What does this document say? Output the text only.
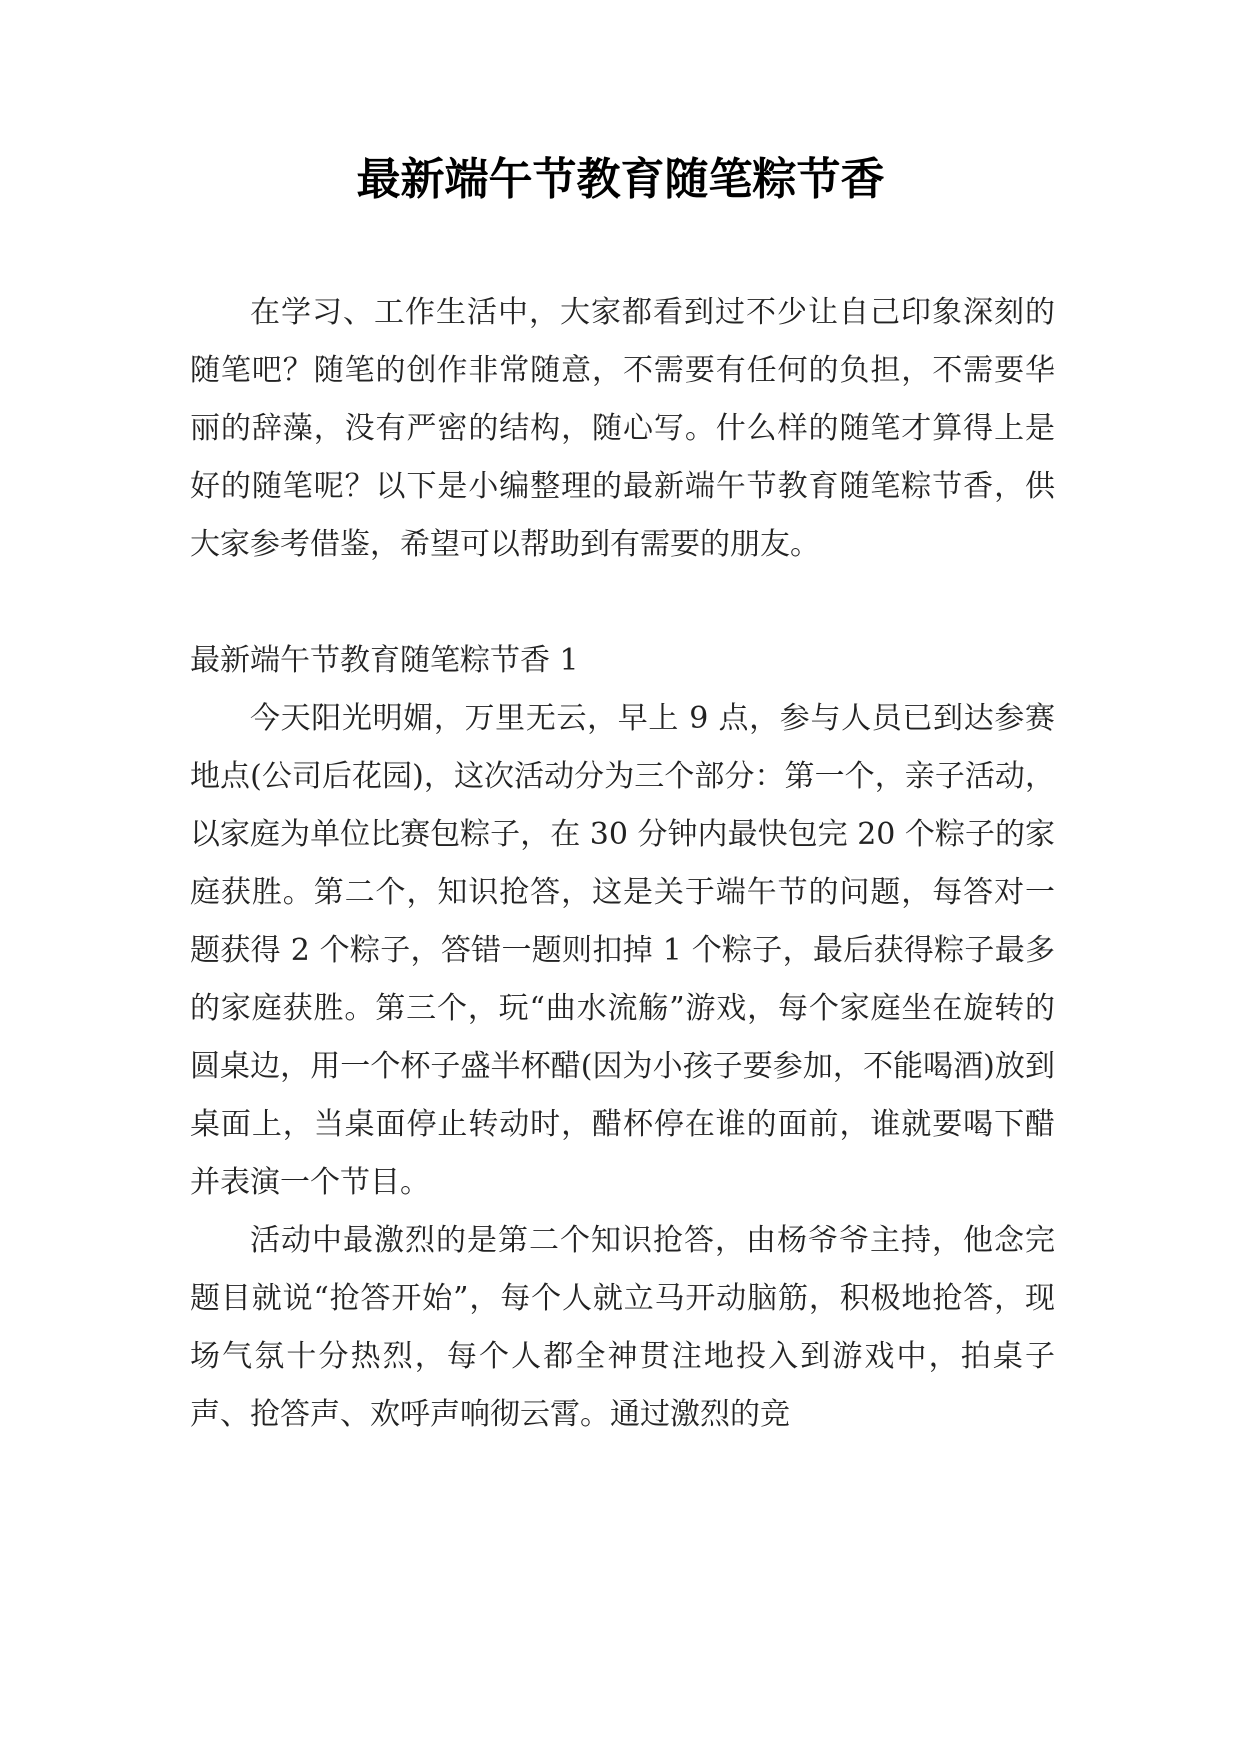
最新端午节教育随笔粽节香

在学习、工作生活中，大家都看到过不少让自己印象深刻的随笔吧？随笔的创作非常随意，不需要有任何的负担，不需要华丽的辞藻，没有严密的结构，随心写。什么样的随笔才算得上是好的随笔呢？以下是小编整理的最新端午节教育随笔粽节香，供大家参考借鉴，希望可以帮助到有需要的朋友。

最新端午节教育随笔粽节香 1

今天阳光明媚，万里无云，早上 9 点，参与人员已到达参赛地点(公司后花园)，这次活动分为三个部分：第一个，亲子活动，以家庭为单位比赛包粽子，在 30 分钟内最快包完 20 个粽子的家庭获胜。第二个，知识抢答，这是关于端午节的问题，每答对一题获得 2 个粽子，答错一题则扣掉 1 个粽子，最后获得粽子最多的家庭获胜。第三个，玩“曲水流觞”游戏，每个家庭坐在旋转的圆桌边，用一个杯子盛半杯醋(因为小孩子要参加，不能喝酒)放到桌面上，当桌面停止转动时，醋杯停在谁的面前，谁就要喝下醋并表演一个节目。

活动中最激烈的是第二个知识抢答，由杨爷爷主持，他念完题目就说“抢答开始”，每个人就立马开动脑筋，积极地抢答，现场气氛十分热烈，每个人都全神贯注地投入到游戏中，拍桌子声、抢答声、欢呼声响彻云霄。通过激烈的竞
